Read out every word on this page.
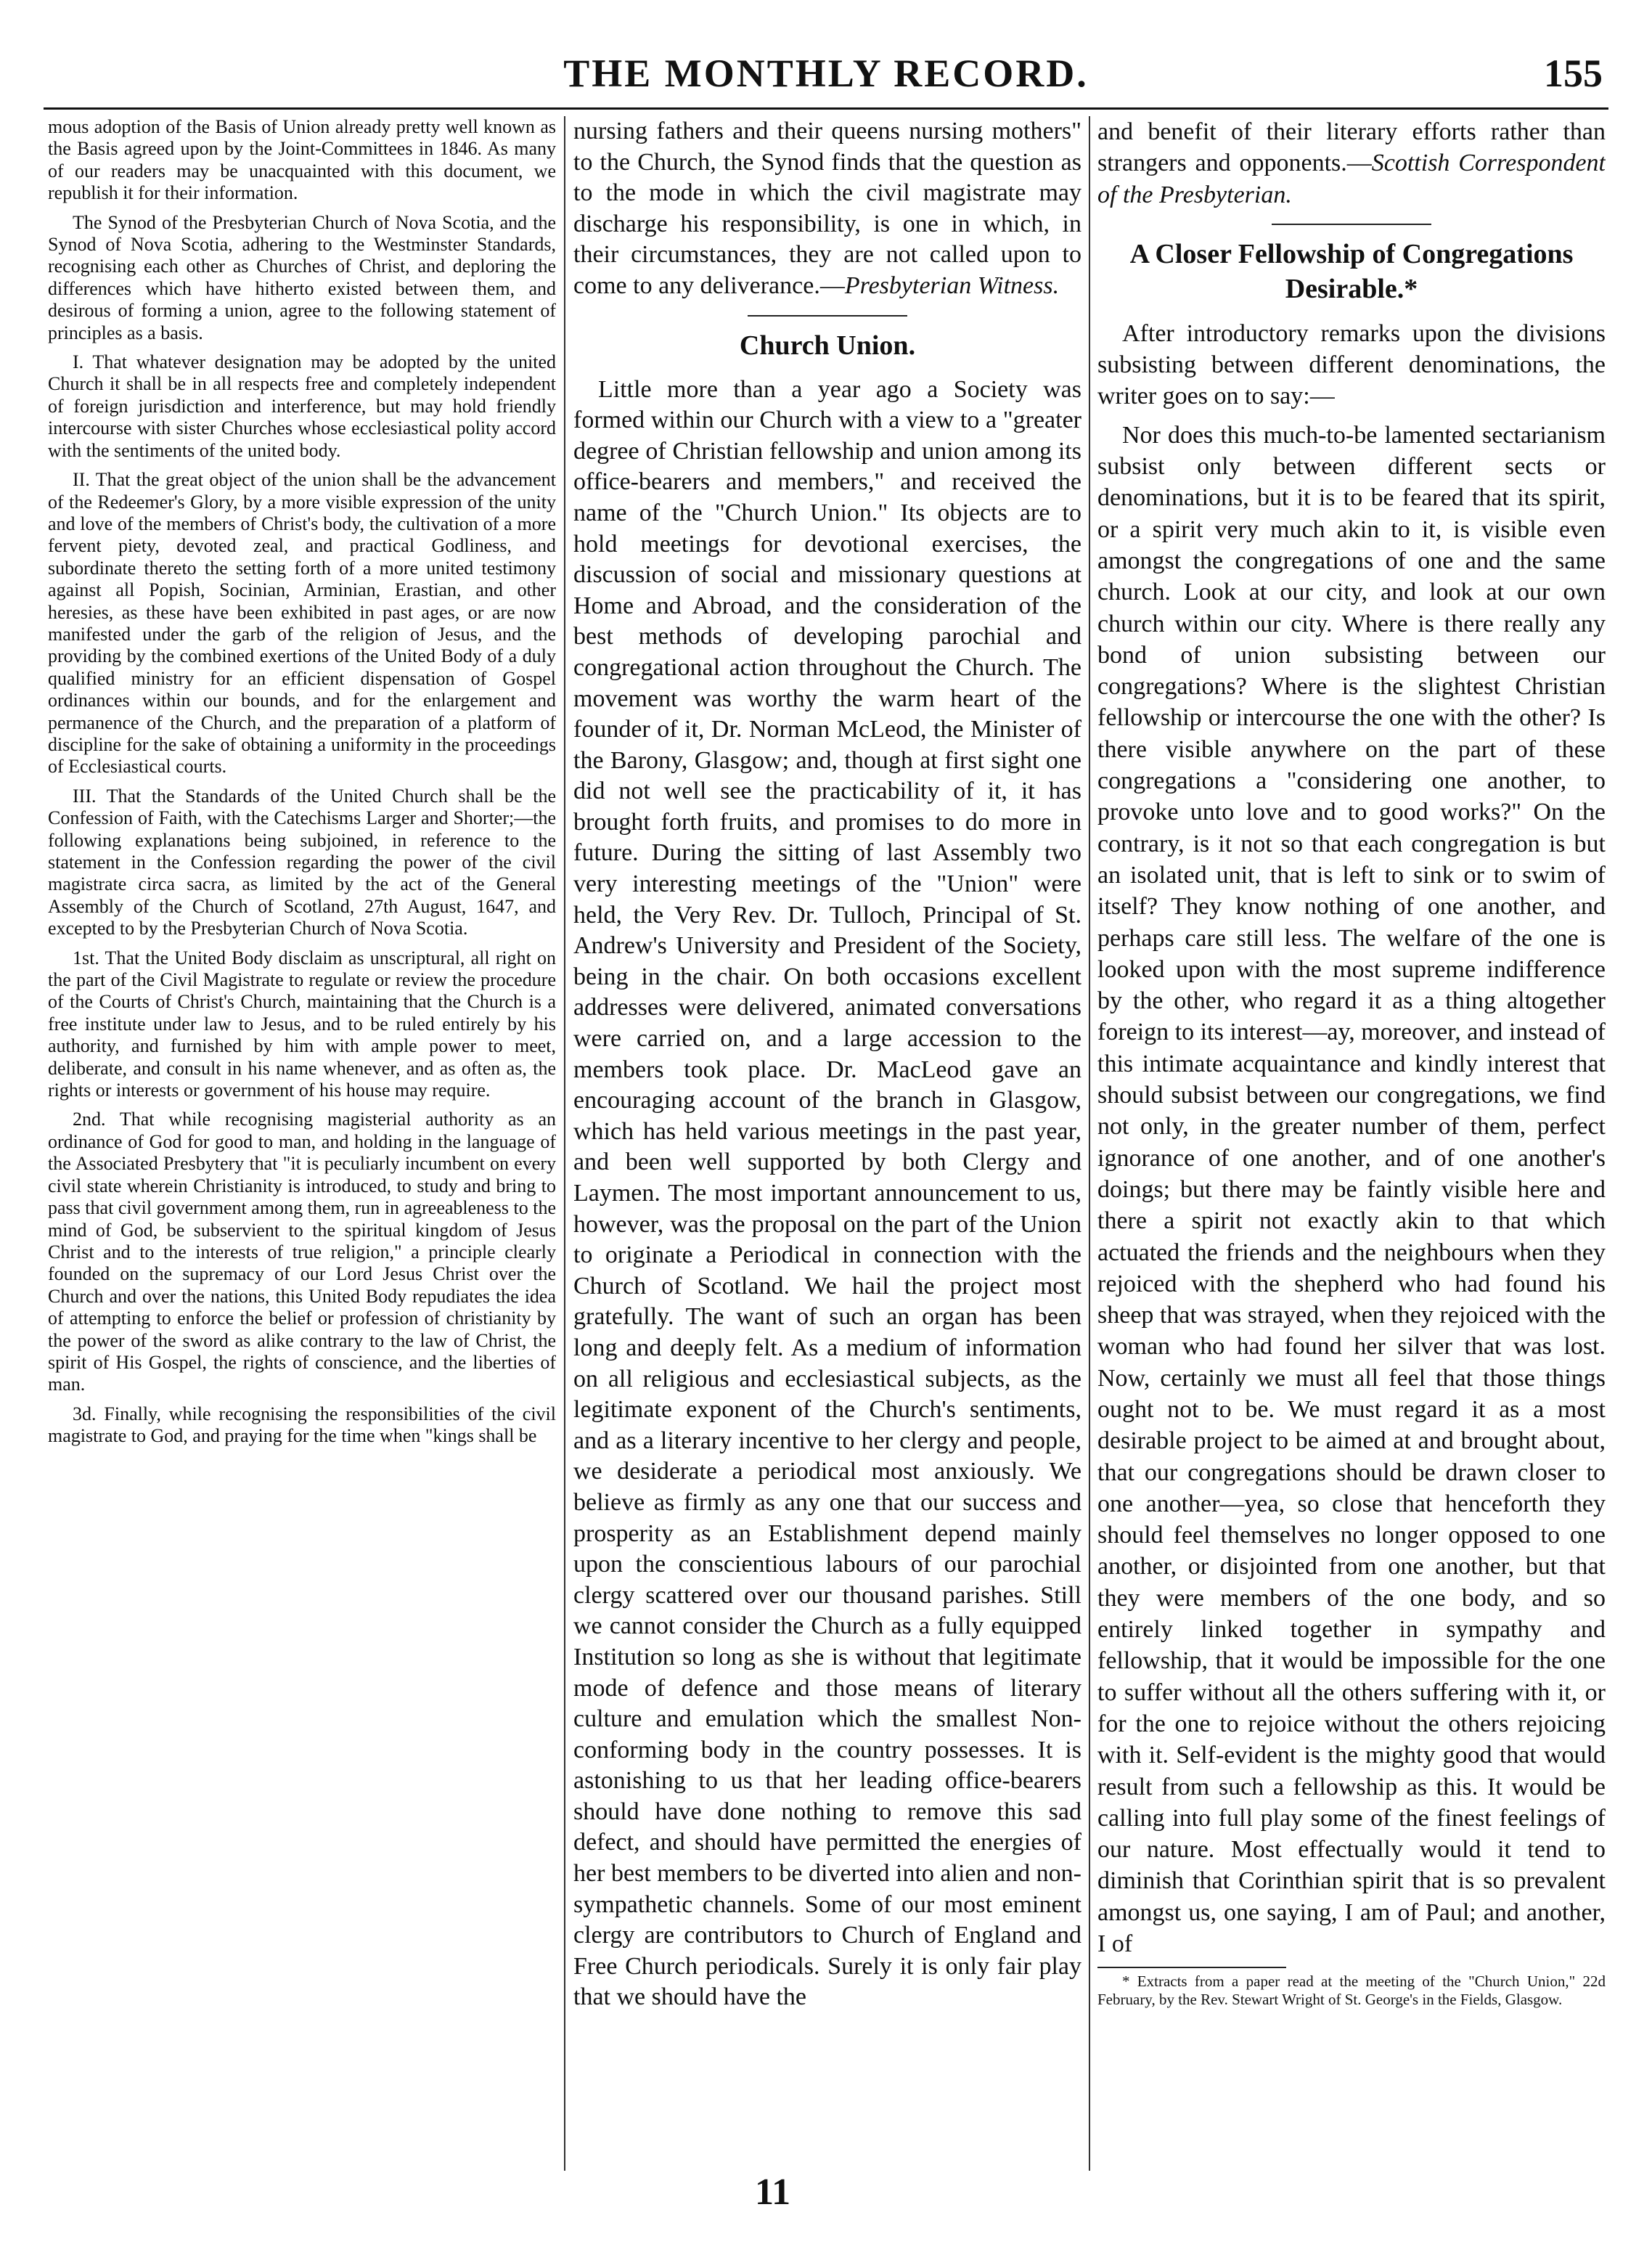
THE MONTHLY RECORD.	155

mous adoption of the Basis of Union already pretty well known as the Basis agreed upon by the Joint-Committees in 1846. As many of our readers may be unacquainted with this document, we republish it for their information.

The Synod of the Presbyterian Church of Nova Scotia, and the Synod of Nova Scotia, adhering to the Westminster Standards, recognising each other as Churches of Christ, and deploring the differences which have hitherto existed between them, and desirous of forming a union, agree to the following statement of principles as a basis.

I. That whatever designation may be adopted by the united Church it shall be in all respects free and completely independent of foreign jurisdiction and interference, but may hold friendly intercourse with sister Churches whose ecclesiastical polity accord with the sentiments of the united body.

II. That the great object of the union shall be the advancement of the Redeemer's Glory, by a more visible expression of the unity and love of the members of Christ's body, the cultivation of a more fervent piety, devoted zeal, and practical Godliness, and subordinate thereto the setting forth of a more united testimony against all Popish, Socinian, Arminian, Erastian, and other heresies, as these have been exhibited in past ages, or are now manifested under the garb of the religion of Jesus, and the providing by the combined exertions of the United Body of a duly qualified ministry for an efficient dispensation of Gospel ordinances within our bounds, and for the enlargement and permanence of the Church, and the preparation of a platform of discipline for the sake of obtaining a uniformity in the proceedings of Ecclesiastical courts.

III. That the Standards of the United Church shall be the Confession of Faith, with the Catechisms Larger and Shorter;—the following explanations being subjoined, in reference to the statement in the Confession regarding the power of the civil magistrate circa sacra, as limited by the act of the General Assembly of the Church of Scotland, 27th August, 1647, and excepted to by the Presbyterian Church of Nova Scotia.

1st. That the United Body disclaim as unscriptural, all right on the part of the Civil Magistrate to regulate or review the procedure of the Courts of Christ's Church, maintaining that the Church is a free institute under law to Jesus, and to be ruled entirely by his authority, and furnished by him with ample power to meet, deliberate, and consult in his name whenever, and as often as, the rights or interests or government of his house may require.

2nd. That while recognising magisterial authority as an ordinance of God for good to man, and holding in the language of the Associated Presbytery that "it is peculiarly incumbent on every civil state wherein Christianity is introduced, to study and bring to pass that civil government among them, run in agreeableness to the mind of God, be subservient to the spiritual kingdom of Jesus Christ and to the interests of true religion," a principle clearly founded on the supremacy of our Lord Jesus Christ over the Church and over the nations, this United Body repudiates the idea of attempting to enforce the belief or profession of christianity by the power of the sword as alike contrary to the law of Christ, the spirit of His Gospel, the rights of conscience, and the liberties of man.

3d. Finally, while recognising the responsibilities of the civil magistrate to God, and praying for the time when "kings shall be

nursing fathers and their queens nursing mothers" to the Church, the Synod finds that the question as to the mode in which the civil magistrate may discharge his responsibility, is one in which, in their circumstances, they are not called upon to come to any deliverance.—Presbyterian Witness.

Church Union.

Little more than a year ago a Society was formed within our Church with a view to a "greater degree of Christian fellowship and union among its office-bearers and members," and received the name of the "Church Union." Its objects are to hold meetings for devotional exercises, the discussion of social and missionary questions at Home and Abroad, and the consideration of the best methods of developing parochial and congregational action throughout the Church. The movement was worthy the warm heart of the founder of it, Dr. Norman McLeod, the Minister of the Barony, Glasgow; and, though at first sight one did not well see the practicability of it, it has brought forth fruits, and promises to do more in future. During the sitting of last Assembly two very interesting meetings of the "Union" were held, the Very Rev. Dr. Tulloch, Principal of St. Andrew's University and President of the Society, being in the chair. On both occasions excellent addresses were delivered, animated conversations were carried on, and a large accession to the members took place. Dr. MacLeod gave an encouraging account of the branch in Glasgow, which has held various meetings in the past year, and been well supported by both Clergy and Laymen. The most important announcement to us, however, was the proposal on the part of the Union to originate a Periodical in connection with the Church of Scotland. We hail the project most gratefully. The want of such an organ has been long and deeply felt. As a medium of information on all religious and ecclesiastical subjects, as the legitimate exponent of the Church's sentiments, and as a literary incentive to her clergy and people, we desiderate a periodical most anxiously. We believe as firmly as any one that our success and prosperity as an Establishment depend mainly upon the conscientious labours of our parochial clergy scattered over our thousand parishes. Still we cannot consider the Church as a fully equipped Institution so long as she is without that legitimate mode of defence and those means of literary culture and emulation which the smallest Non-conforming body in the country possesses. It is astonishing to us that her leading office-bearers should have done nothing to remove this sad defect, and should have permitted the energies of her best members to be diverted into alien and non-sympathetic channels. Some of our most eminent clergy are contributors to Church of England and Free Church periodicals. Surely it is only fair play that we should have the

and benefit of their literary efforts rather than strangers and opponents.—Scottish Correspondent of the Presbyterian.

A Closer Fellowship of Congregations Desirable.*

After introductory remarks upon the divisions subsisting between different denominations, the writer goes on to say:—

Nor does this much-to-be lamented sectarianism subsist only between different sects or denominations, but it is to be feared that its spirit, or a spirit very much akin to it, is visible even amongst the congregations of one and the same church. Look at our city, and look at our own church within our city. Where is there really any bond of union subsisting between our congregations? Where is the slightest Christian fellowship or intercourse the one with the other? Is there visible anywhere on the part of these congregations a "considering one another, to provoke unto love and to good works?" On the contrary, is it not so that each congregation is but an isolated unit, that is left to sink or to swim of itself? They know nothing of one another, and perhaps care still less. The welfare of the one is looked upon with the most supreme indifference by the other, who regard it as a thing altogether foreign to its interest—ay, moreover, and instead of this intimate acquaintance and kindly interest that should subsist between our congregations, we find not only, in the greater number of them, perfect ignorance of one another, and of one another's doings; but there may be faintly visible here and there a spirit not exactly akin to that which actuated the friends and the neighbours when they rejoiced with the shepherd who had found his sheep that was strayed, when they rejoiced with the woman who had found her silver that was lost. Now, certainly we must all feel that those things ought not to be. We must regard it as a most desirable project to be aimed at and brought about, that our congregations should be drawn closer to one another—yea, so close that henceforth they should feel themselves no longer opposed to one another, or disjointed from one another, but that they were members of the one body, and so entirely linked together in sympathy and fellowship, that it would be impossible for the one to suffer without all the others suffering with it, or for the one to rejoice without the others rejoicing with it. Self-evident is the mighty good that would result from such a fellowship as this. It would be calling into full play some of the finest feelings of our nature. Most effectually would it tend to diminish that Corinthian spirit that is so prevalent amongst us, one saying, I am of Paul; and another, I of

* Extracts from a paper read at the meeting of the "Church Union," 22d February, by the Rev. Stewart Wright of St. George's in the Fields, Glasgow.

11
